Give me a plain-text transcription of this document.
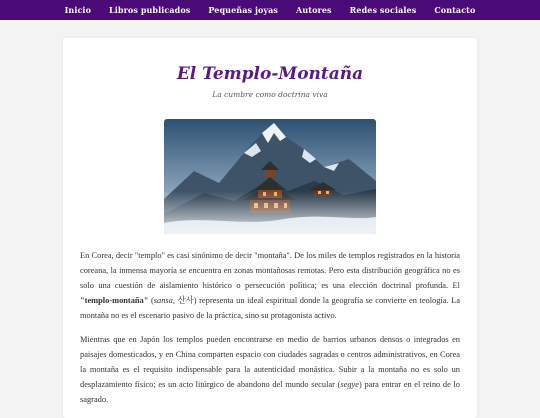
Inicio Libros publicados Pequeñas joyas Autores Redes sociales Contacto
El Templo-Montaña
La cumbre como doctrina viva

En Corea, decir "templo" es casi sinónimo de decir "montaña". De los miles de templos registrados en la historia coreana, la inmensa mayoría se encuentra en zonas montañosas remotas. Pero esta distribución geográfica no es solo una cuestión de aislamiento histórico o persecución política; es una elección doctrinal profunda. El "templo-montaña" (sansa, 산사) representa un ideal espiritual donde la geografía se convierte en teología. La montaña no es el escenario pasivo de la práctica, sino su protagonista activo.

Mientras que en Japón los templos pueden encontrarse en medio de barrios urbanos densos o integrados en paisajes domesticados, y en China comparten espacio con ciudades sagradas o centros administrativos, en Corea la montaña es el requisito indispensable para la autenticidad monástica. Subir a la montaña no es solo un desplazamiento físico; es un acto litúrgico de abandono del mundo secular (segye) para entrar en el reino de lo sagrado.
